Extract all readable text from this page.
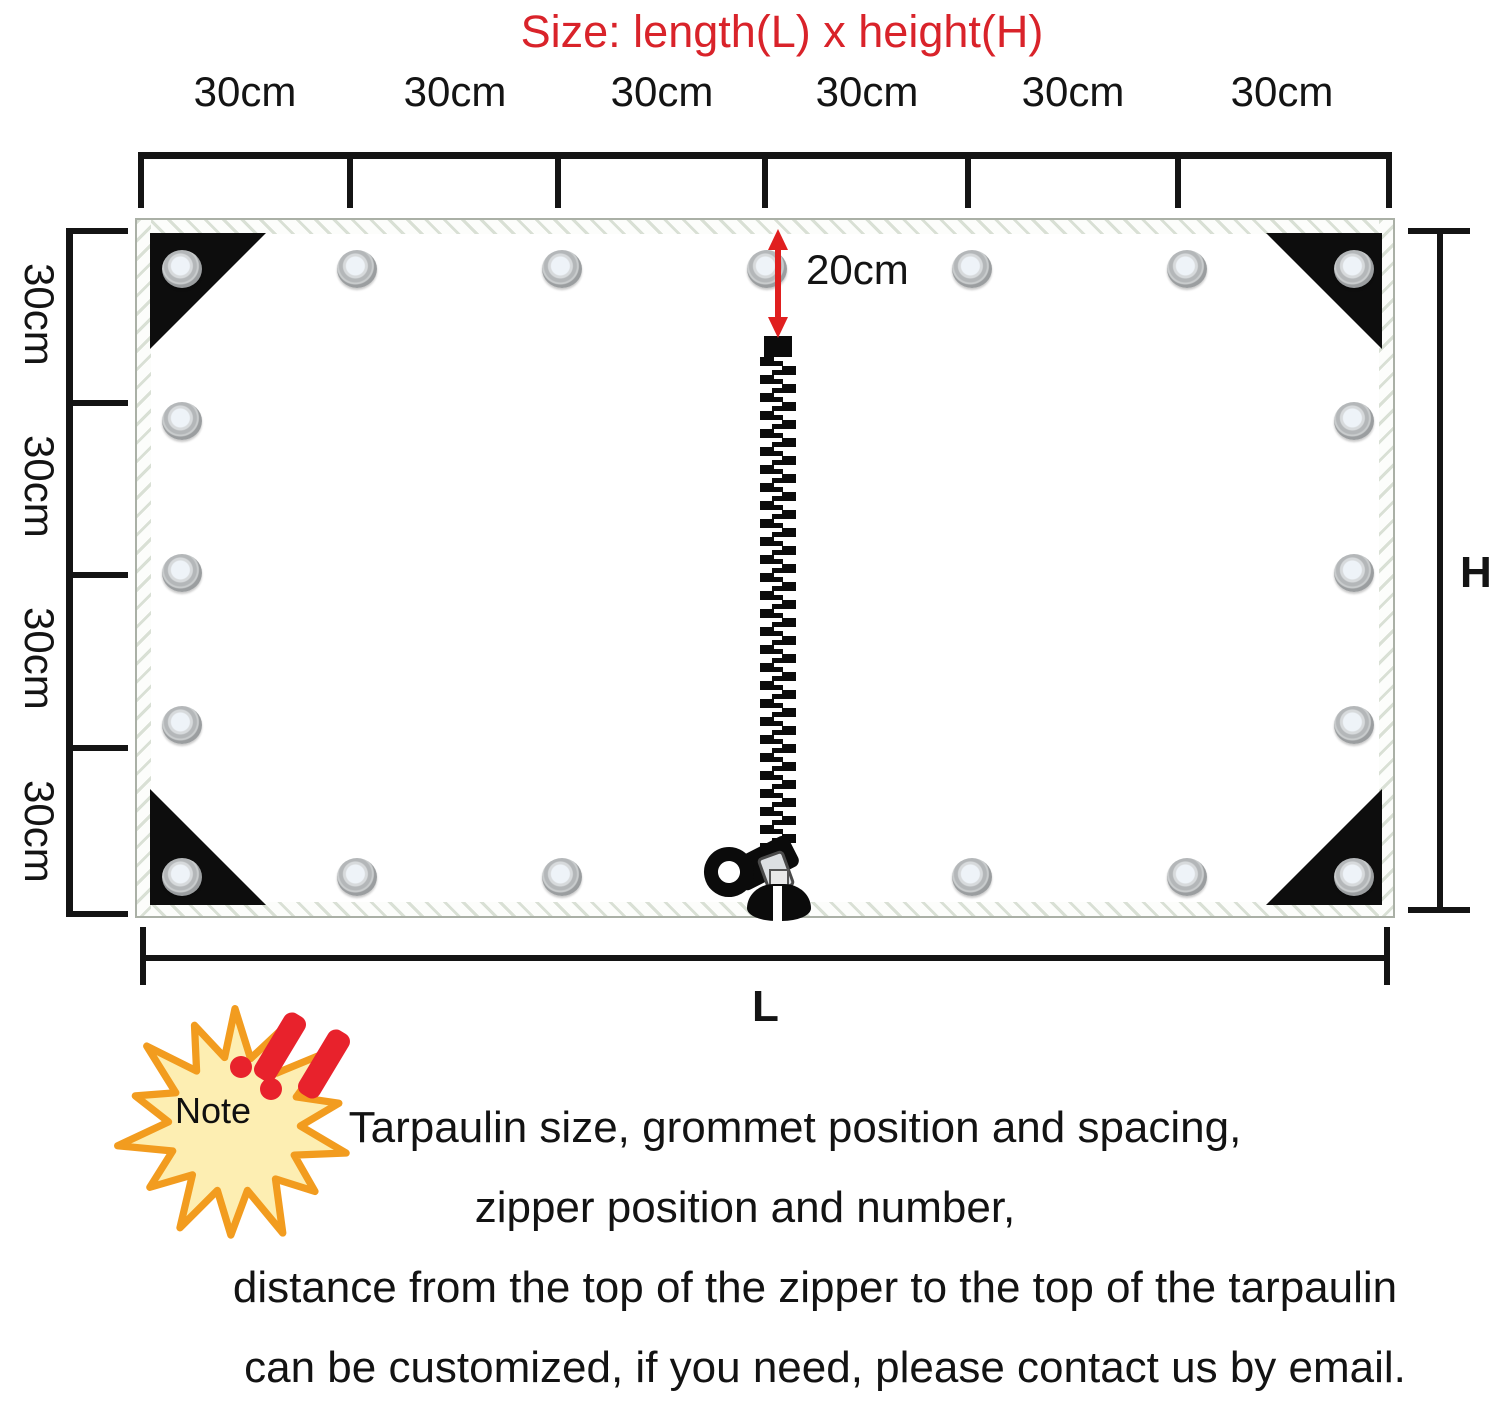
Size: length(L) x height(H)
30cm	30cm	30cm	30cm	30cm	30cm
30cm
30cm
30cm
30cm
20cm
H
L
Note	Tarpaulin size, grommet position and spacing,
zipper position and number,
distance from the top of the zipper to the top of the tarpaulin
can be customized, if you need, please contact us by email.
